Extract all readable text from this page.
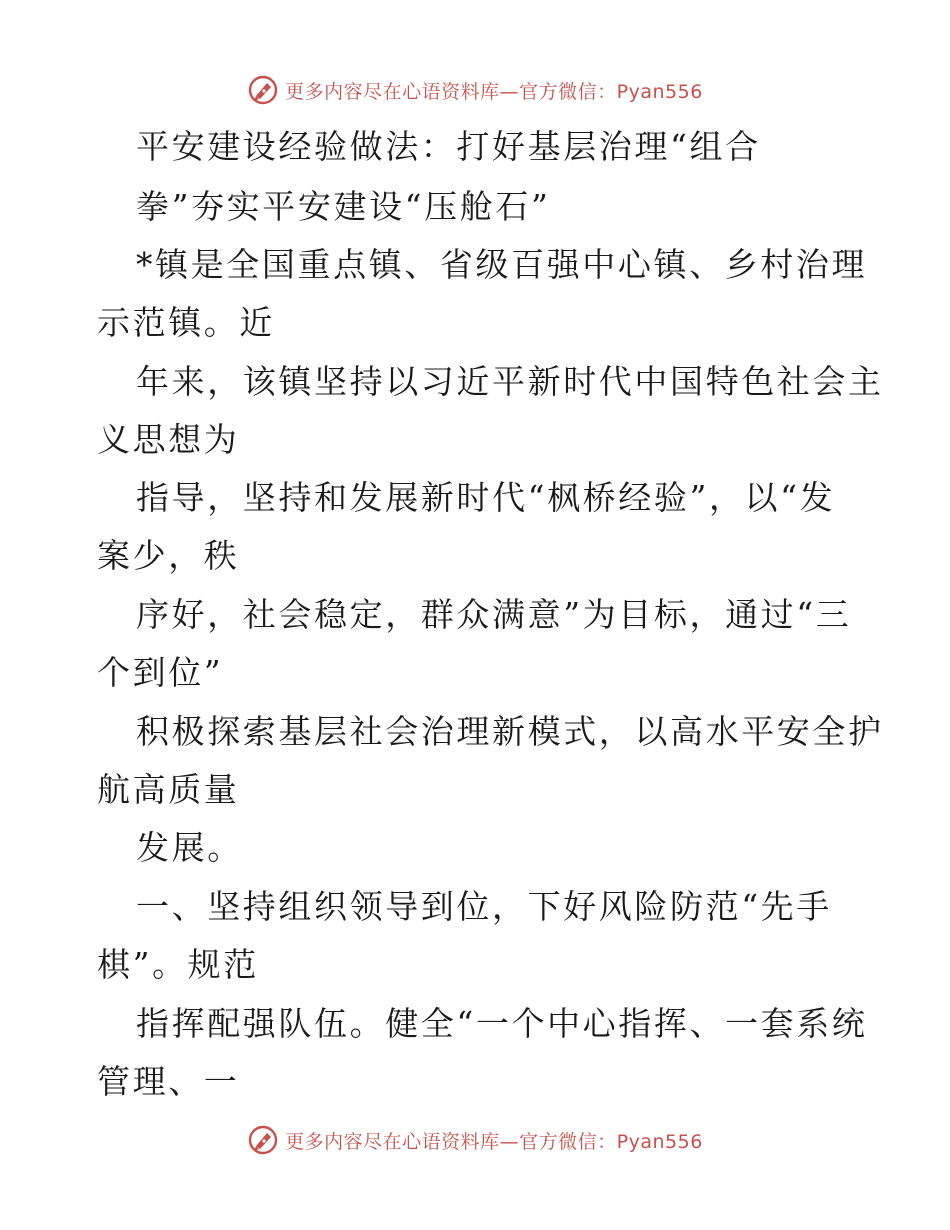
更多内容尽在心语资料库—官方微信：Pyan556
平安建设经验做法：打好基层治理“组合
拳”夯实平安建设“压舱石”
*镇是全国重点镇、省级百强中心镇、乡村治理
示范镇。近
年来，该镇坚持以习近平新时代中国特色社会主
义思想为
指导，坚持和发展新时代“枫桥经验”，以“发
案少，秩
序好，社会稳定，群众满意”为目标，通过“三
个到位”
积极探索基层社会治理新模式，以高水平安全护
航高质量
发展。
一、坚持组织领导到位，下好风险防范“先手
棋”。规范
指挥配强队伍。健全“一个中心指挥、一套系统
管理、一
更多内容尽在心语资料库—官方微信：Pyan556
